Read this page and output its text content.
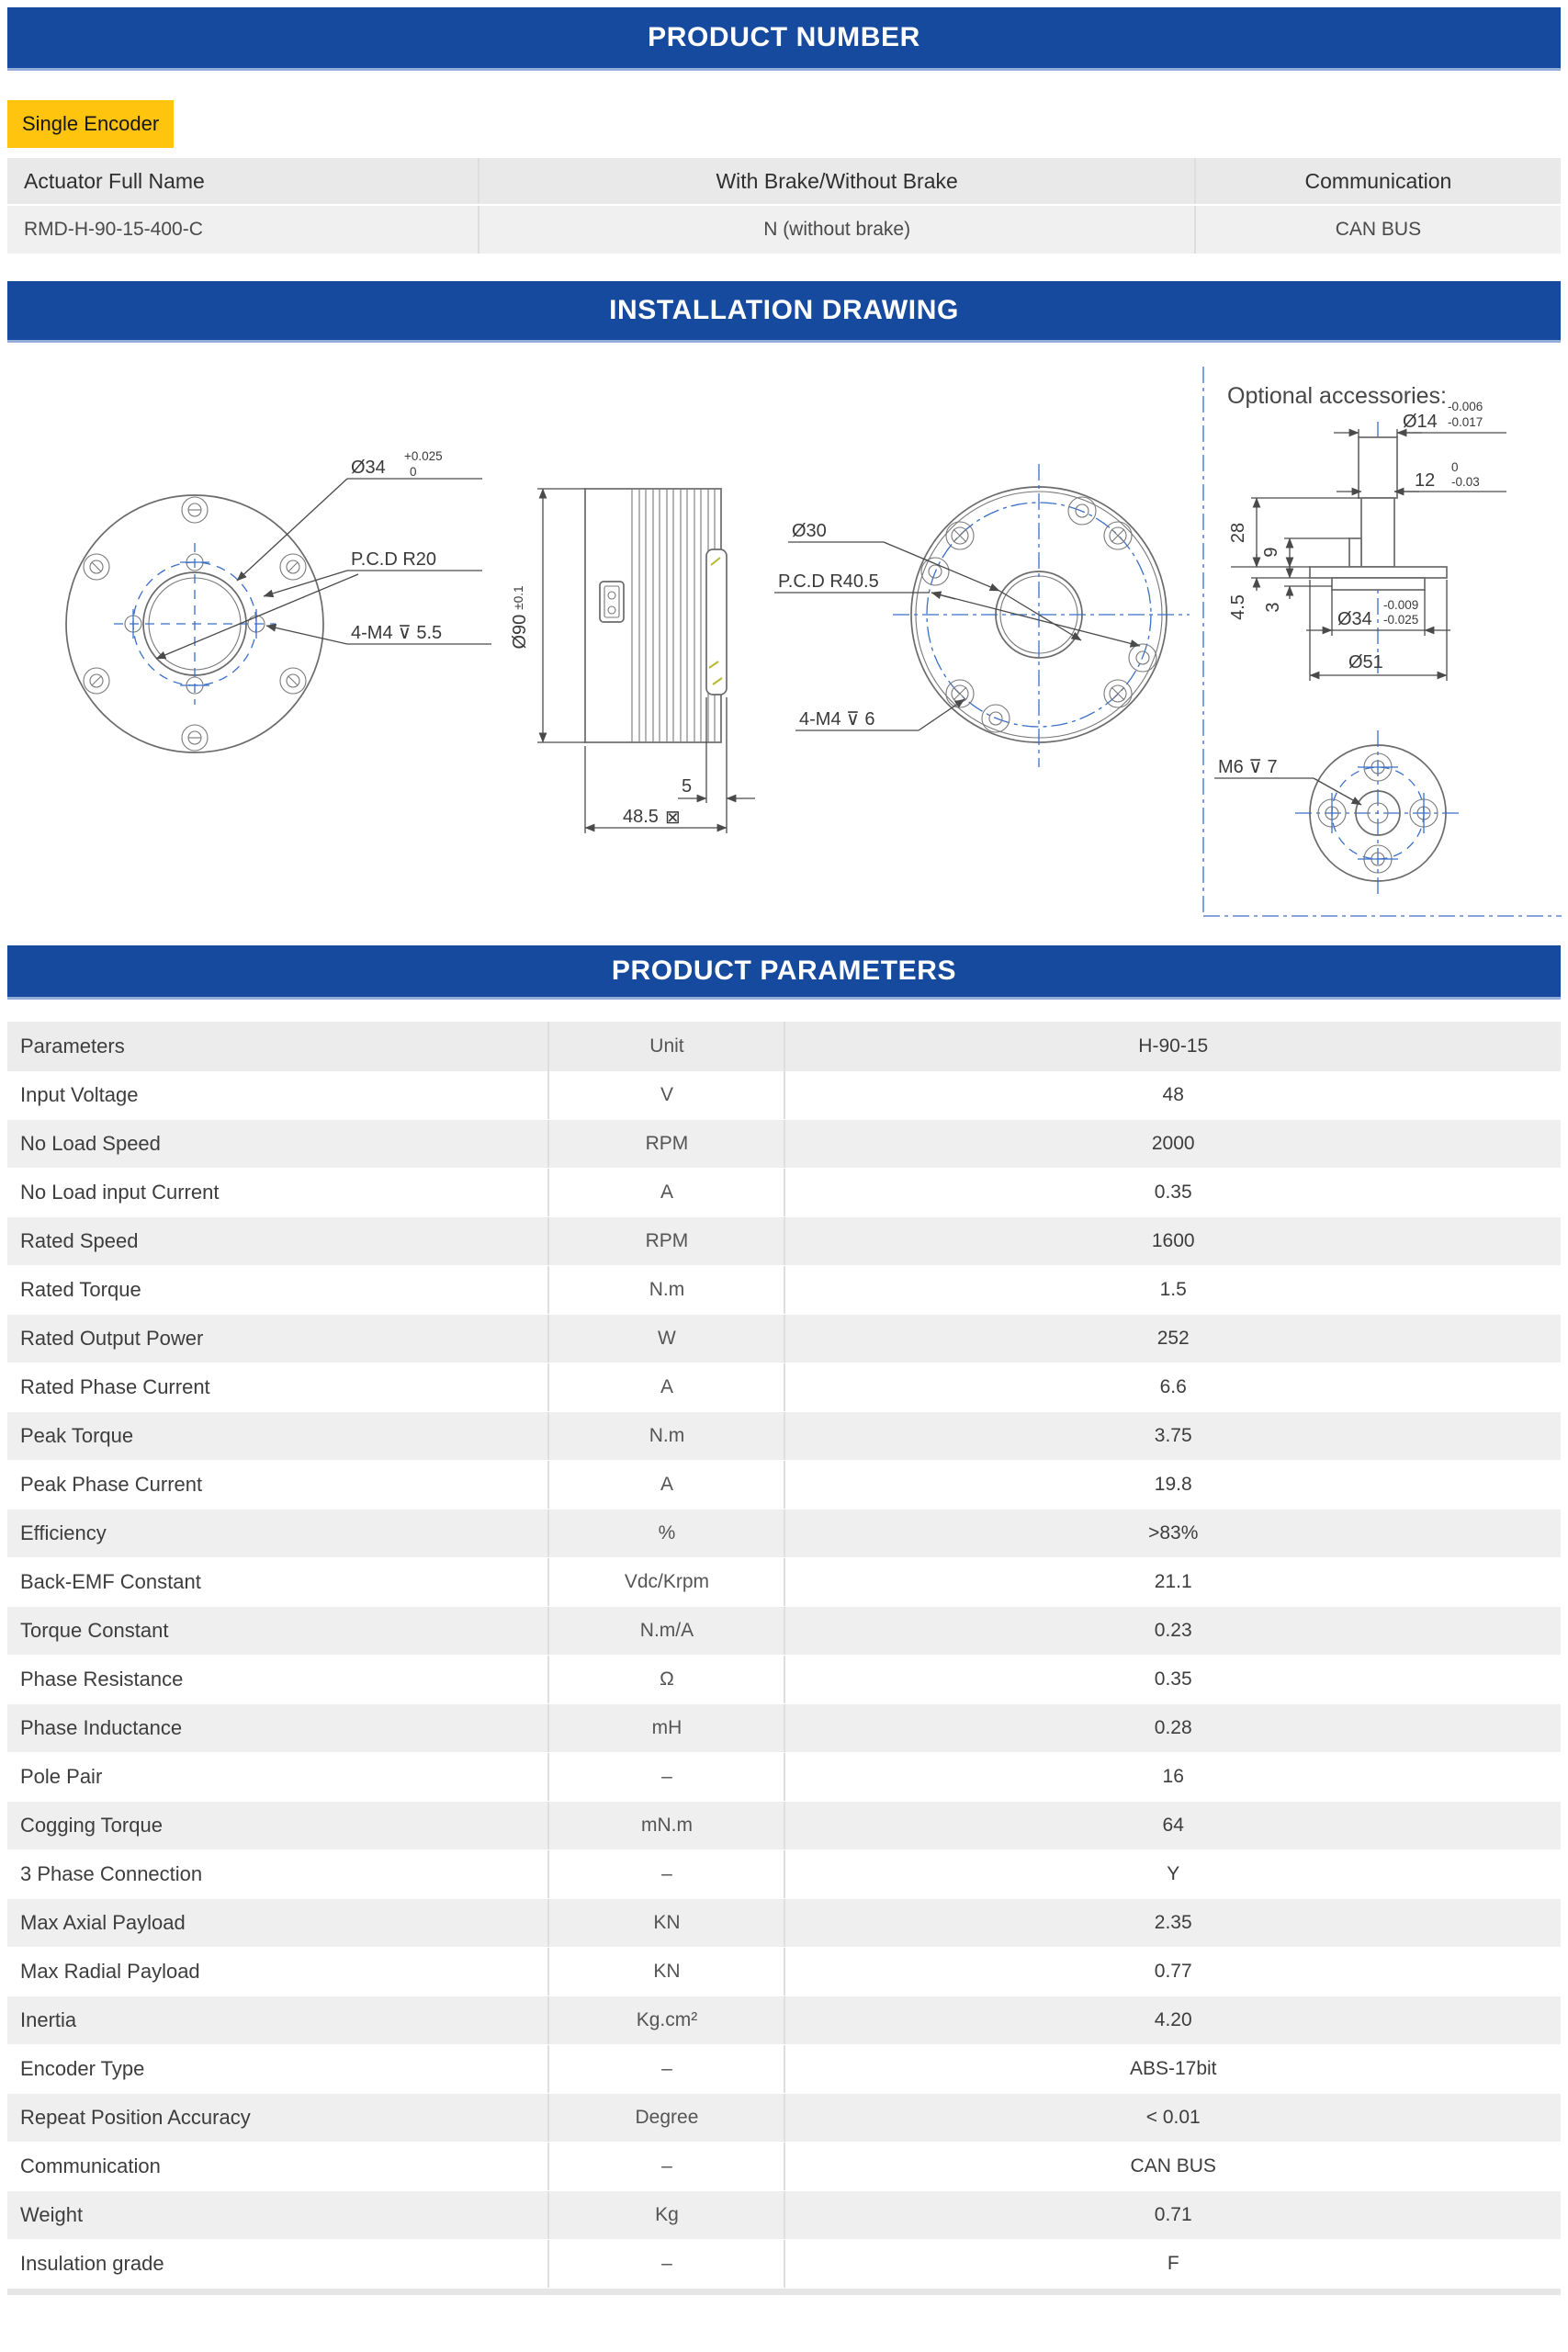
PRODUCT NUMBER
Single Encoder
Actuator Full Name	With Brake/Without Brake	Communication
RMD-H-90-15-400-C	N (without brake)	CAN BUS
INSTALLATION DRAWING
Ø34
+0.025
0
P.C.D R20
4-M4 ⊽ 5.5	Ø90±0.1
5
48.5 ⊠
Ø30
P.C.D R40.5
4-M4 ⊽ 6
Optional accessories:
Ø14
-0.006
-0.017
12
0
-0.03
28
9
4.5 3
Ø34
-0.009
-0.025
Ø51
M6 ⊽ 7
PRODUCT PARAMETERS
Parameters	Unit	H-90-15
Input Voltage	V	48
No Load Speed	RPM	2000
No Load input Current	A	0.35
Rated Speed	RPM	1600
Rated Torque	N.m	1.5
Rated Output Power	W	252
Rated Phase Current	A	6.6
Peak Torque	N.m	3.75
Peak Phase Current	A	19.8
Efficiency	%	>83%
Back-EMF Constant	Vdc/Krpm	21.1
Torque Constant	N.m/A	0.23
Phase Resistance	Ω	0.35
Phase Inductance	mH	0.28
Pole Pair	–	16
Cogging Torque	mN.m	64
3 Phase Connection	–	Y
Max Axial Payload	KN	2.35
Max Radial Payload	KN	0.77
Inertia	Kg.cm²	4.20
Encoder Type	–	ABS-17bit
Repeat Position Accuracy	Degree	< 0.01
Communication	–	CAN BUS
Weight	Kg	0.71
Insulation grade	–	F
